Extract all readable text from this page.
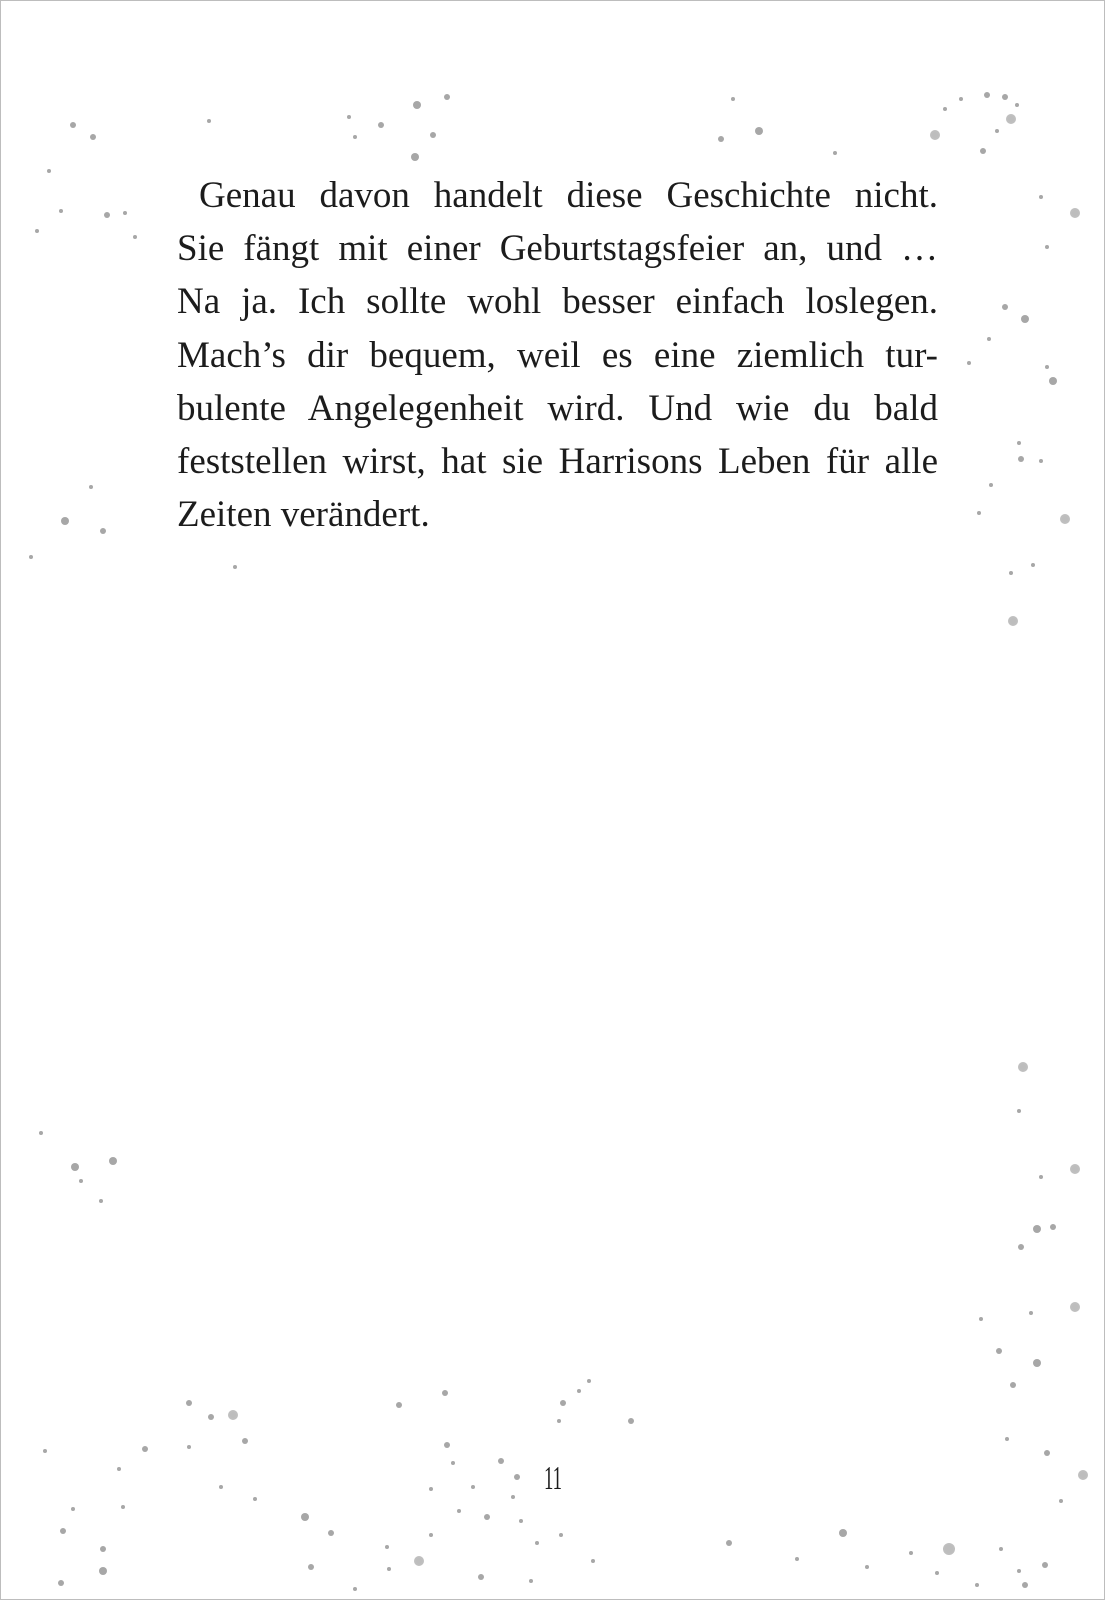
Genau davon handelt diese Geschichte nicht.
Sie fängt mit einer Geburtstagsfeier an, und …
Na ja. Ich sollte wohl besser einfach loslegen.
Mach’s dir bequem, weil es eine ziemlich tur-
bulente Angelegenheit wird. Und wie du bald
feststellen wirst, hat sie Harrisons Leben für alle
Zeiten verändert.
11
